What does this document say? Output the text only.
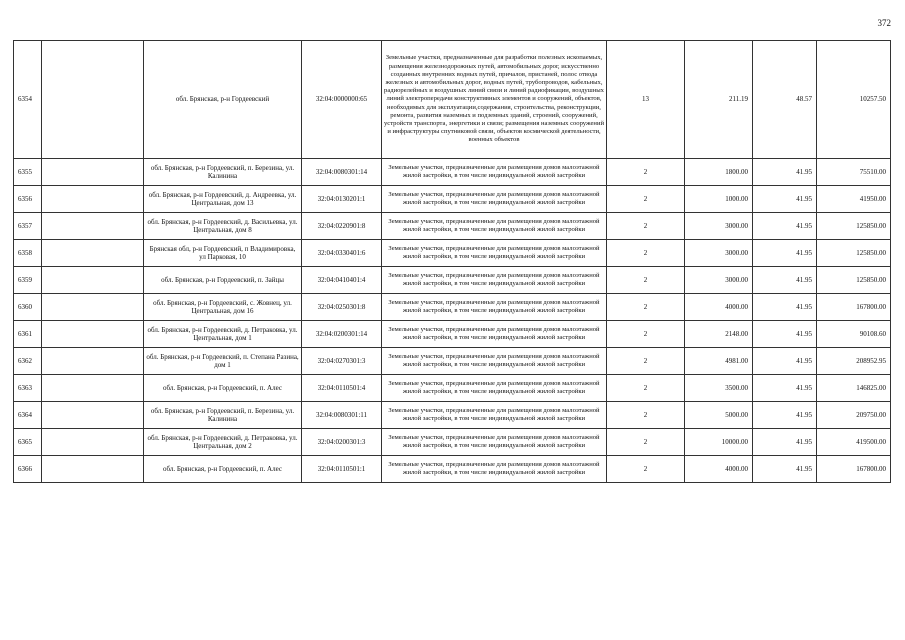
372
6354		обл. Брянская, р-н Гордеевский	32:04:0000000:65	Земельные участки, предназначенные для разработки полезных ископаемых, размещения железнодорожных путей, автомобильных дорог, искусственно созданных внутренних водных путей, причалов, пристаней, полос отвода железных и автомобильных дорог, водных путей, трубопроводов, кабельных, радиорелейных и воздушных линий связи и линий радиофикации, воздушных линий электропередачи конструктивных элементов и сооружений, объектов, необходимых для эксплуатации,содержания, строительства, реконструкции, ремонта, развития наземных и подземных зданий, строений, сооружений, устройств транспорта, энергетики и связи; размещения наземных сооружений и инфраструктуры спутниковой связи, объектов космической деятельности, военных объектов	13	211.19	48.57	10257.50
6355		обл. Брянская, р-н Гордеевский, п. Березина, ул. Калинина	32:04:0080301:14	Земельные участки, предназначенные для размещения домов малоэтажной жилой застройки, в том числе индивидуальной жилой застройки	2	1800.00	41.95	75510.00
6356		обл. Брянская, р-н Гордеевский, д. Андреевка, ул. Центральная, дом 13	32:04:0130201:1	Земельные участки, предназначенные для размещения домов малоэтажной жилой застройки, в том числе индивидуальной жилой застройки	2	1000.00	41.95	41950.00
6357		обл. Брянская, р-н Гордеевский, д. Васильевка, ул. Центральная, дом 8	32:04:0220901:8	Земельные участки, предназначенные для размещения домов малоэтажной жилой застройки, в том числе индивидуальной жилой застройки	2	3000.00	41.95	125850.00
6358		Брянская обл, р-н Гордеевский, п Владимировка, ул Парковая, 10	32:04:0330401:6	Земельные участки, предназначенные для размещения домов малоэтажной жилой застройки, в том числе индивидуальной жилой застройки	2	3000.00	41.95	125850.00
6359		обл. Брянская, р-н Гордеевский, п. Зайцы	32:04:0410401:4	Земельные участки, предназначенные для размещения домов малоэтажной жилой застройки, в том числе индивидуальной жилой застройки	2	3000.00	41.95	125850.00
6360		обл. Брянская, р-н Гордеевский, с. Жовнец, ул. Центральная, дом 16	32:04:0250301:8	Земельные участки, предназначенные для размещения домов малоэтажной жилой застройки, в том числе индивидуальной жилой застройки	2	4000.00	41.95	167800.00
6361		обл. Брянская, р-н Гордеевский, д. Петраковка, ул. Центральная, дом 1	32:04:0200301:14	Земельные участки, предназначенные для размещения домов малоэтажной жилой застройки, в том числе индивидуальной жилой застройки	2	2148.00	41.95	90108.60
6362		обл. Брянская, р-н Гордеевский, п. Степана Разина, дом 1	32:04:0270301:3	Земельные участки, предназначенные для размещения домов малоэтажной жилой застройки, в том числе индивидуальной жилой застройки	2	4981.00	41.95	208952.95
6363		обл. Брянская, р-н Гордеевский, п. Алес	32:04:0110501:4	Земельные участки, предназначенные для размещения домов малоэтажной жилой застройки, в том числе индивидуальной жилой застройки	2	3500.00	41.95	146825.00
6364		обл. Брянская, р-н Гордеевский, п. Березина, ул. Калинина	32:04:0080301:11	Земельные участки, предназначенные для размещения домов малоэтажной жилой застройки, в том числе индивидуальной жилой застройки	2	5000.00	41.95	209750.00
6365		обл. Брянская, р-н Гордеевский, д. Петраковка, ул. Центральная, дом 2	32:04:0200301:3	Земельные участки, предназначенные для размещения домов малоэтажной жилой застройки, в том числе индивидуальной жилой застройки	2	10000.00	41.95	419500.00
6366		обл. Брянская, р-н Гордеевский, п. Алес	32:04:0110501:1	Земельные участки, предназначенные для размещения домов малоэтажной жилой застройки, в том числе индивидуальной жилой застройки	2	4000.00	41.95	167800.00
